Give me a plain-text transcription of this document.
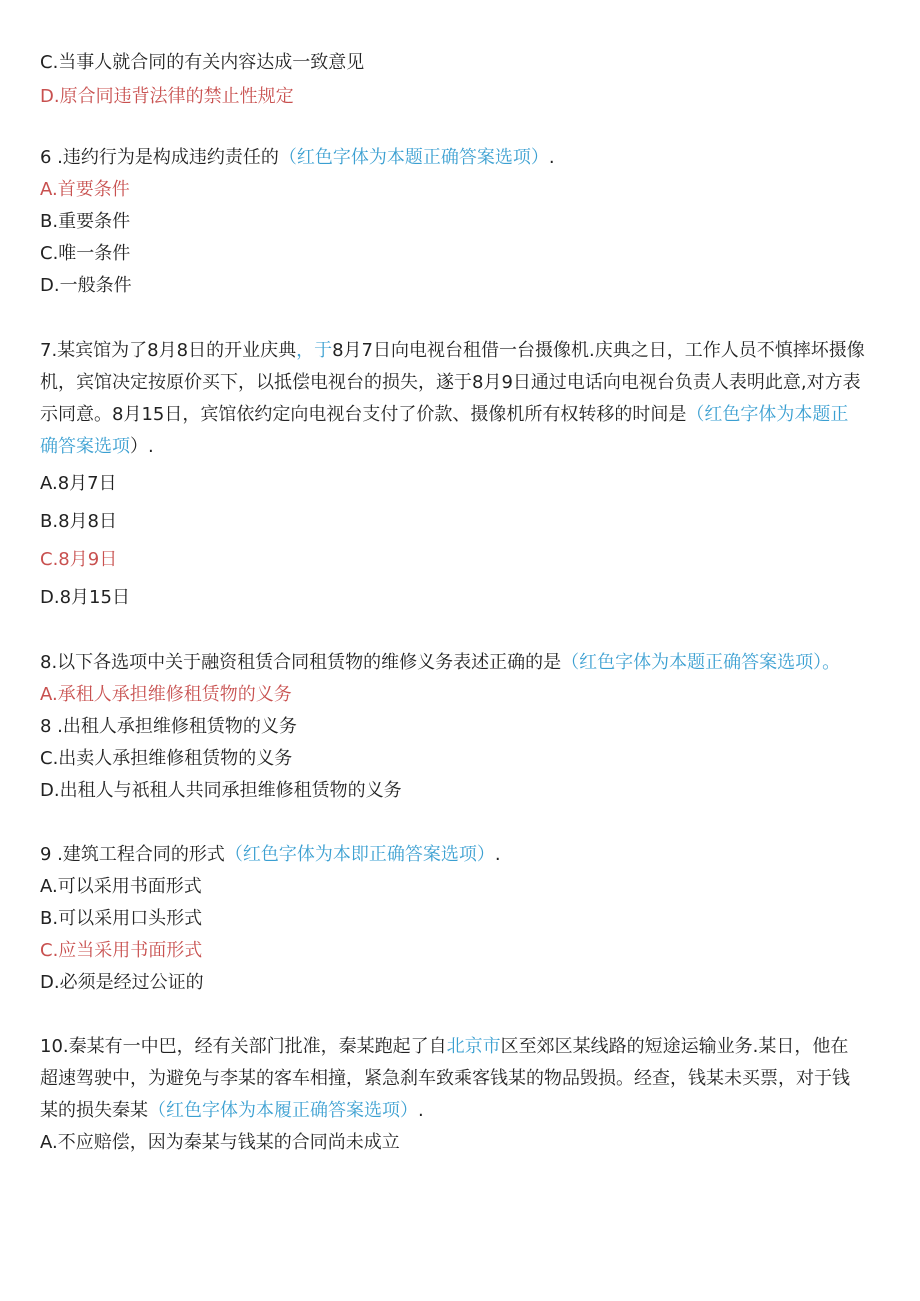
C.当事人就合同的有关内容达成一致意见
D.原合同违背法律的禁止性规定
6 .违约行为是构成违约责任的（红色字体为本题正确答案选项）.
A.首要条件
B.重要条件
C.唯一条件
D.一般条件
7.某宾馆为了8月8日的开业庆典，于8月7日向电视台租借一台摄像机.庆典之日，工作人员不慎摔坏摄像
机，宾馆决定按原价买下，以抵偿电视台的损失，遂于8月9日通过电话向电视台负责人表明此意,对方表
示同意。8月15日，宾馆依约定向电视台支付了价款、摄像机所有权转移的时间是（红色字体为本题正
确答案选项）.
A.8月7日
B.8月8日
C.8月9日
D.8月15日
8.以下各选项中关于融资租赁合同租赁物的维修义务表述正确的是（红色字体为本题正确答案选项）。
A.承租人承担维修租赁物的义务
8 .出租人承担维修租赁物的义务
C.出卖人承担维修租赁物的义务
D.出租人与祇租人共同承担维修租赁物的义务
9 .建筑工程合同的形式（红色字体为本即正确答案选项）.
A.可以采用书面形式
B.可以采用口头形式
C.应当采用书面形式
D.必须是经过公证的
10.秦某有一中巴，经有关部门批准，秦某跑起了自北京市区至郊区某线路的短途运输业务.某日，他在
超速驾驶中，为避免与李某的客车相撞，紧急刹车致乘客钱某的物品毁损。经查，钱某未买票，对于钱
某的损失秦某（红色字体为本履正确答案选项）.
A.不应赔偿，因为秦某与钱某的合同尚未成立
